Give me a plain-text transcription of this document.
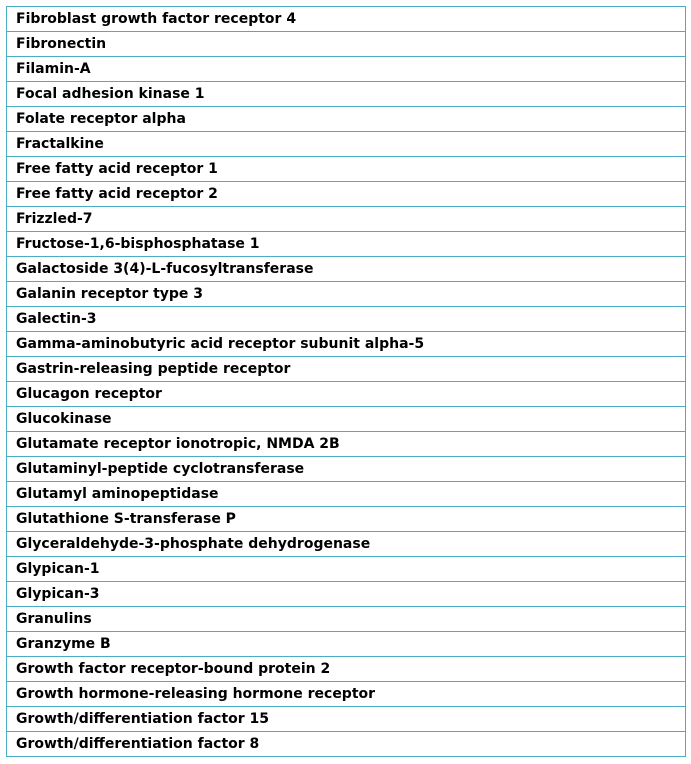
Fibroblast growth factor receptor 4
Fibronectin
Filamin-A
Focal adhesion kinase 1
Folate receptor alpha
Fractalkine
Free fatty acid receptor 1
Free fatty acid receptor 2
Frizzled-7
Fructose-1,6-bisphosphatase 1
Galactoside 3(4)-L-fucosyltransferase
Galanin receptor type 3
Galectin-3
Gamma-aminobutyric acid receptor subunit alpha-5
Gastrin-releasing peptide receptor
Glucagon receptor
Glucokinase
Glutamate receptor ionotropic, NMDA 2B
Glutaminyl-peptide cyclotransferase
Glutamyl aminopeptidase
Glutathione S-transferase P
Glyceraldehyde-3-phosphate dehydrogenase
Glypican-1
Glypican-3
Granulins
Granzyme B
Growth factor receptor-bound protein 2
Growth hormone-releasing hormone receptor
Growth/differentiation factor 15
Growth/differentiation factor 8
